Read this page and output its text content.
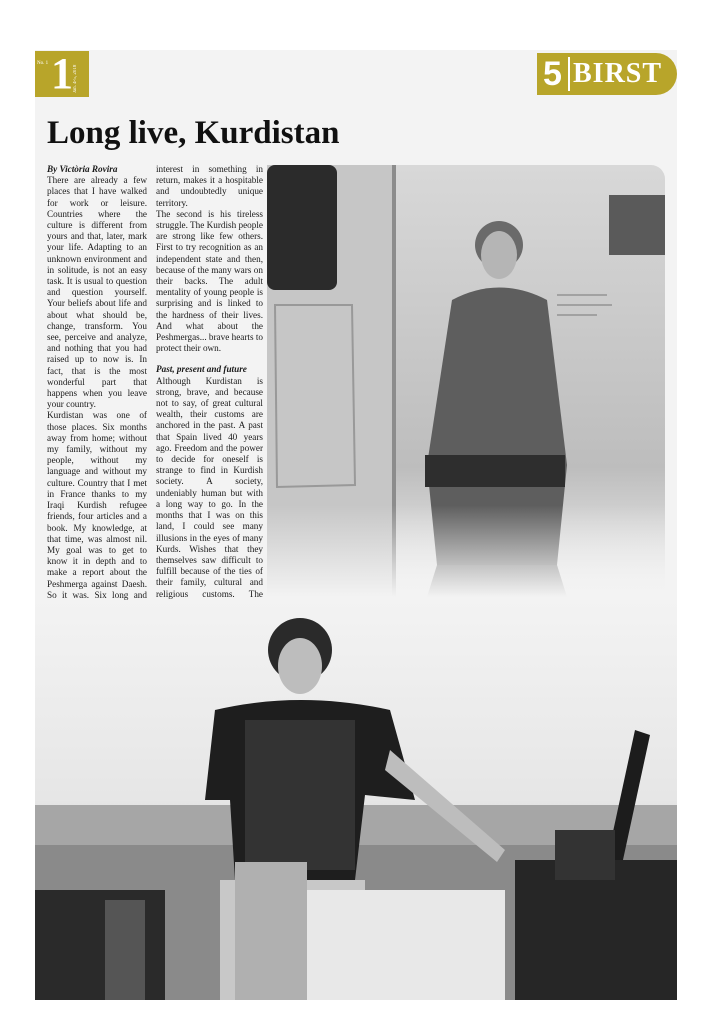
No. 1 1 Jan. 4-5, 2018	5 BIRST
Long live, Kurdistan

By Victòria Rovira

There are already a few places that I have walked for work or leisure. Countries where the culture is different from yours and that, later, mark your life. Adapting to an unknown environment and in solitude, is not an easy task. It is usual to question and question yourself. Your beliefs about life and about what should be, change, transform. You see, perceive and analyze, and nothing that you had raised up to now is. In fact, that is the most wonderful part that happens when you leave your country.

Kurdistan was one of those places. Six months away from home; without my family, without my people, without my language and without my culture. Country that I met in France thanks to my Iraqi Kurdish refugee friends, four articles and a book. My knowledge, at that time, was almost nil. My goal was to get to know it in depth and to make a report about the Peshmerga against Daesh. So it was. Six long and

interest in something in return, makes it a hospitable and undoubtedly unique territory.

The second is his tireless struggle. The Kurdish people are strong like few others. First to try recognition as an independent state and then, because of the many wars on their backs. The adult mentality of young people is surprising and is linked to the hardness of their lives. And what about the Peshmergas... brave hearts to protect their own.

Past, present and future

Although Kurdistan is strong, brave, and because not to say, of great cultural wealth, their customs are anchored in the past. A past that Spain lived 40 years ago. Freedom and the power to decide for oneself is strange to find in Kurdish society. A society, undeniably human but with a long way to go. In the months that I was on this land, I could see many illusions in the eyes of many Kurds. Wishes that they themselves saw difficult to fulfill because of the ties of their family, cultural and religious customs. The
